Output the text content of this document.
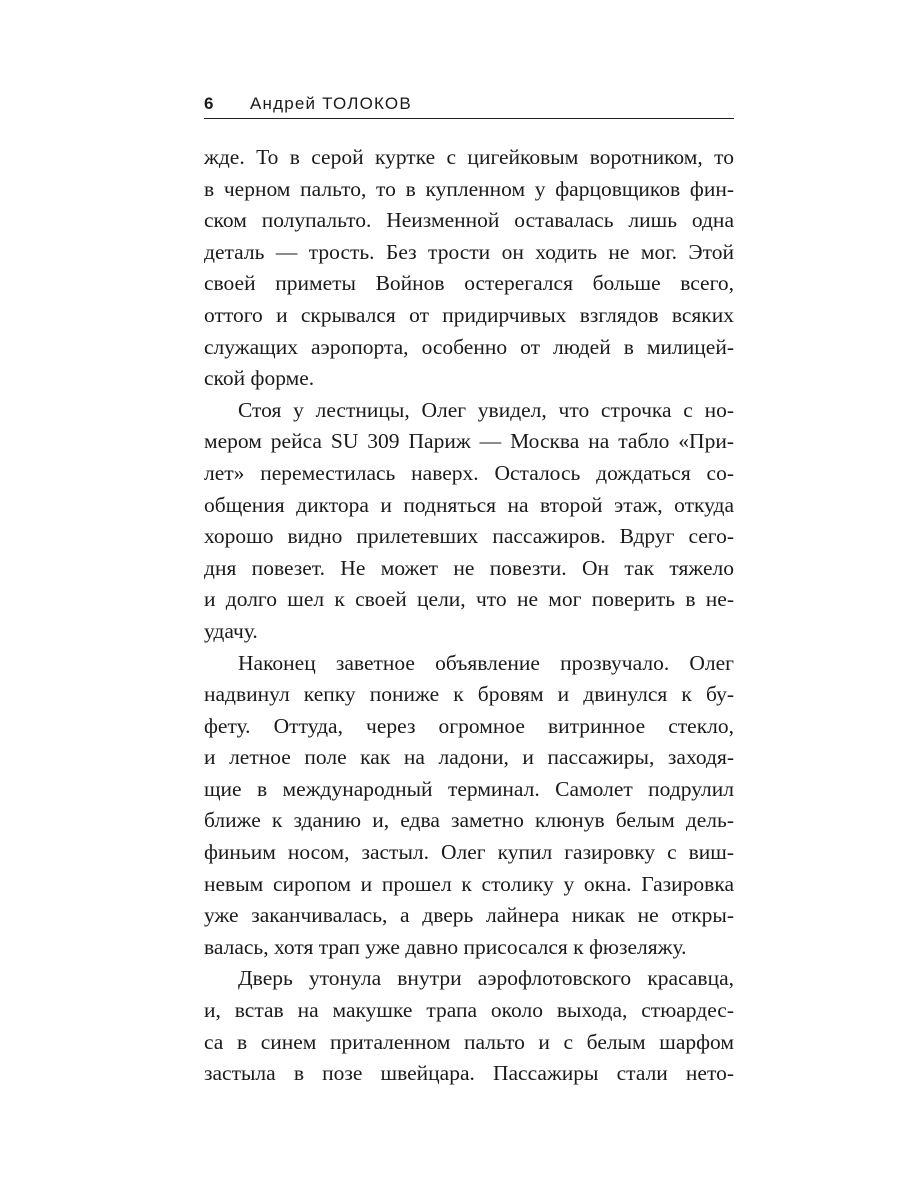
6 Андрей ТОЛОКОВ
жде. То в серой куртке с цигейковым воротником, то
в черном пальто, то в купленном у фарцовщиков фин-
ском полупальто. Неизменной оставалась лишь одна
деталь — трость. Без трости он ходить не мог. Этой
своей приметы Войнов остерегался больше всего,
оттого и скрывался от придирчивых взглядов всяких
служащих аэропорта, особенно от людей в милицей-
ской форме.
Стоя у лестницы, Олег увидел, что строчка с но-
мером рейса SU 309 Париж — Москва на табло «При-
лет» переместилась наверх. Осталось дождаться со-
общения диктора и подняться на второй этаж, откуда
хорошо видно прилетевших пассажиров. Вдруг сего-
дня повезет. Не может не повезти. Он так тяжело
и долго шел к своей цели, что не мог поверить в не-
удачу.
Наконец заветное объявление прозвучало. Олег
надвинул кепку пониже к бровям и двинулся к бу-
фету. Оттуда, через огромное витринное стекло,
и летное поле как на ладони, и пассажиры, заходя-
щие в международный терминал. Самолет подрулил
ближе к зданию и, едва заметно клюнув белым дель-
финьим носом, застыл. Олег купил газировку с виш-
невым сиропом и прошел к столику у окна. Газировка
уже заканчивалась, а дверь лайнера никак не откры-
валась, хотя трап уже давно присосался к фюзеляжу.
Дверь утонула внутри аэрофлотовского красавца,
и, встав на макушке трапа около выхода, стюардес-
са в синем приталенном пальто и с белым шарфом
застыла в позе швейцара. Пассажиры стали нето-
